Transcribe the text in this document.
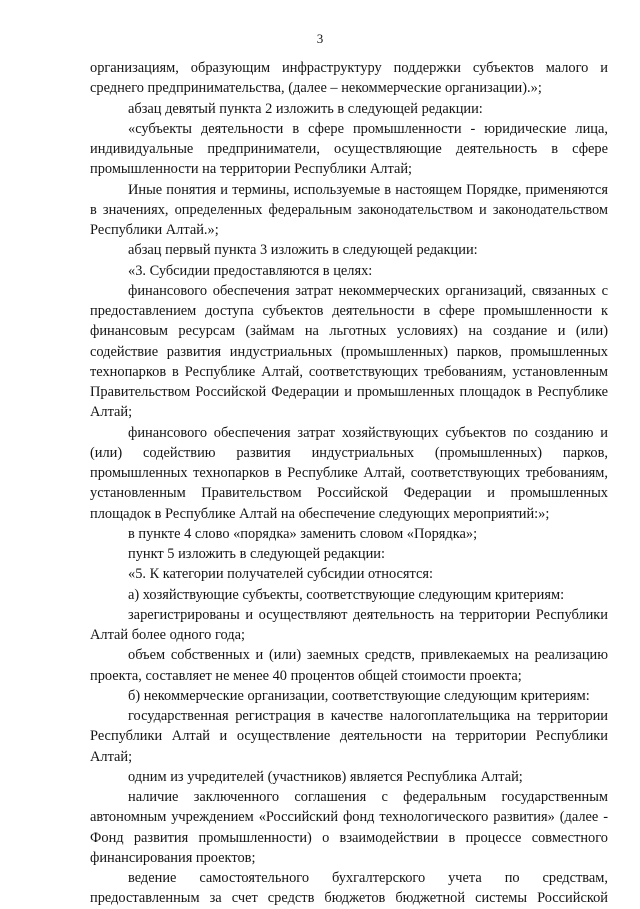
3

организациям, образующим инфраструктуру поддержки субъектов малого и среднего предпринимательства, (далее – некоммерческие организации).»;

абзац девятый пункта 2 изложить в следующей редакции:

«субъекты деятельности в сфере промышленности - юридические лица, индивидуальные предприниматели, осуществляющие деятельность в сфере промышленности на территории Республики Алтай;

Иные понятия и термины, используемые в настоящем Порядке, применяются в значениях, определенных федеральным законодательством и законодательством Республики Алтай.»;

абзац первый пункта 3 изложить в следующей редакции:

«3. Субсидии предоставляются в целях:

финансового обеспечения затрат некоммерческих организаций, связанных с предоставлением доступа субъектов деятельности в сфере промышленности к финансовым ресурсам (займам на льготных условиях) на создание и (или) содействие развития индустриальных (промышленных) парков, промышленных технопарков в Республике Алтай, соответствующих требованиям, установленным Правительством Российской Федерации и промышленных площадок в Республике Алтай;

финансового обеспечения затрат хозяйствующих субъектов по созданию и (или) содействию развития индустриальных (промышленных) парков, промышленных технопарков в Республике Алтай, соответствующих требованиям, установленным Правительством Российской Федерации и промышленных площадок в Республике Алтай на обеспечение следующих мероприятий:»;

в пункте 4 слово «порядка» заменить словом «Порядка»;

пункт 5 изложить в следующей редакции:

«5. К категории получателей субсидии относятся:

а) хозяйствующие субъекты, соответствующие следующим критериям:

зарегистрированы и осуществляют деятельность на территории Республики Алтай более одного года;

объем собственных и (или) заемных средств, привлекаемых на реализацию проекта, составляет не менее 40 процентов общей стоимости проекта;

б) некоммерческие организации, соответствующие следующим критериям:

государственная регистрация в качестве налогоплательщика на территории Республики Алтай и осуществление деятельности на территории Республики Алтай;

одним из учредителей (участников) является Республика Алтай;

наличие заключенного соглашения с федеральным государственным автономным учреждением «Российский фонд технологического развития» (далее - Фонд развития промышленности) о взаимодействии в процессе совместного финансирования проектов;

ведение самостоятельного бухгалтерского учета по средствам, предоставленным за счет средств бюджетов бюджетной системы Российской
